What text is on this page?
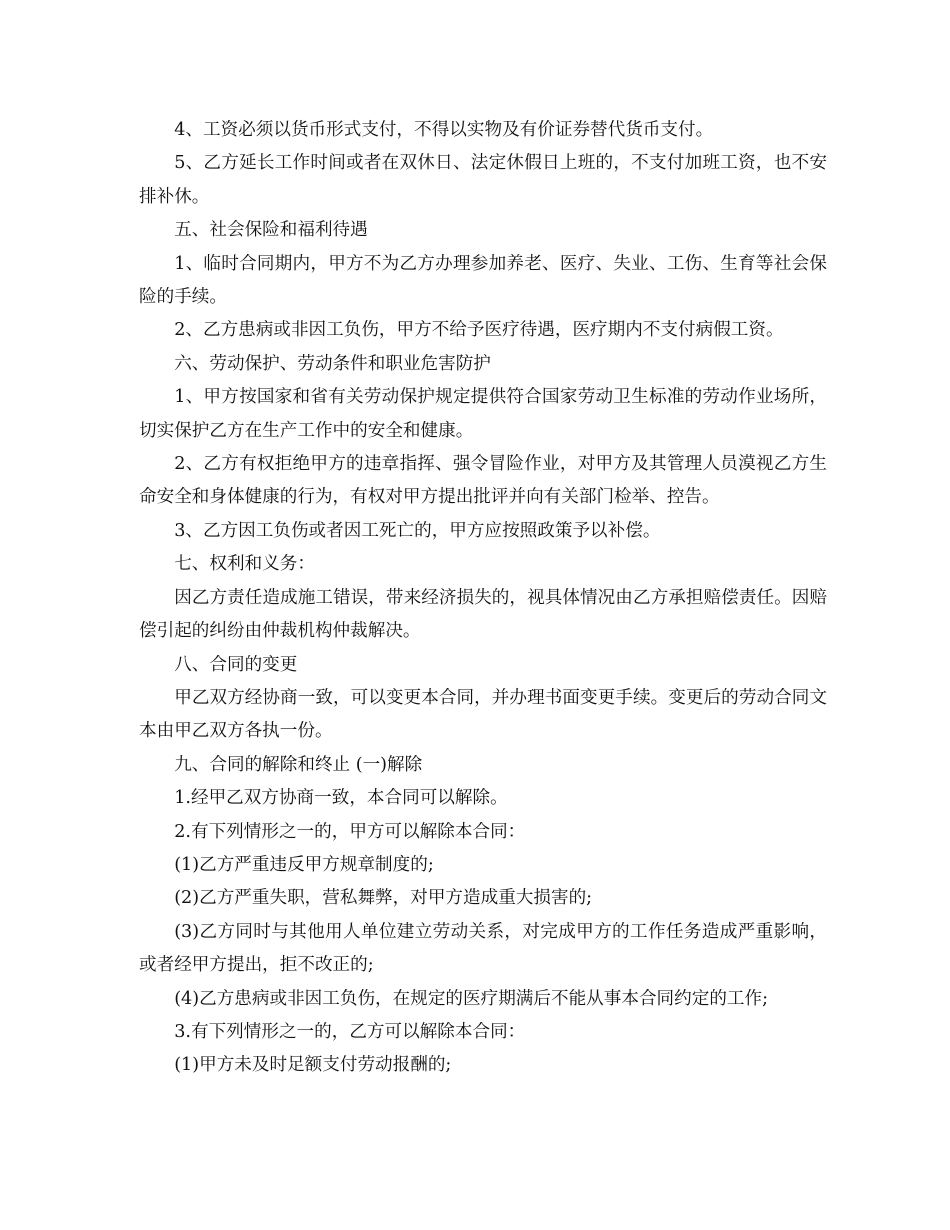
4、工资必须以货币形式支付，不得以实物及有价证券替代货币支付。

5、乙方延长工作时间或者在双休日、法定休假日上班的，不支付加班工资，也不安排补休。

五、社会保险和福利待遇

1、临时合同期内，甲方不为乙方办理参加养老、医疗、失业、工伤、生育等社会保险的手续。

2、乙方患病或非因工负伤，甲方不给予医疗待遇，医疗期内不支付病假工资。

六、劳动保护、劳动条件和职业危害防护

1、甲方按国家和省有关劳动保护规定提供符合国家劳动卫生标准的劳动作业场所，切实保护乙方在生产工作中的安全和健康。

2、乙方有权拒绝甲方的违章指挥、强令冒险作业，对甲方及其管理人员漠视乙方生命安全和身体健康的行为，有权对甲方提出批评并向有关部门检举、控告。

3、乙方因工负伤或者因工死亡的，甲方应按照政策予以补偿。

七、权利和义务：

因乙方责任造成施工错误，带来经济损失的，视具体情况由乙方承担赔偿责任。因赔偿引起的纠纷由仲裁机构仲裁解决。

八、合同的变更

甲乙双方经协商一致，可以变更本合同，并办理书面变更手续。变更后的劳动合同文本由甲乙双方各执一份。

九、合同的解除和终止 (一)解除

1.经甲乙双方协商一致，本合同可以解除。

2.有下列情形之一的，甲方可以解除本合同：

(1)乙方严重违反甲方规章制度的;

(2)乙方严重失职，营私舞弊，对甲方造成重大损害的;

(3)乙方同时与其他用人单位建立劳动关系，对完成甲方的工作任务造成严重影响，或者经甲方提出，拒不改正的;

(4)乙方患病或非因工负伤，在规定的医疗期满后不能从事本合同约定的工作;

3.有下列情形之一的，乙方可以解除本合同：

(1)甲方未及时足额支付劳动报酬的;
